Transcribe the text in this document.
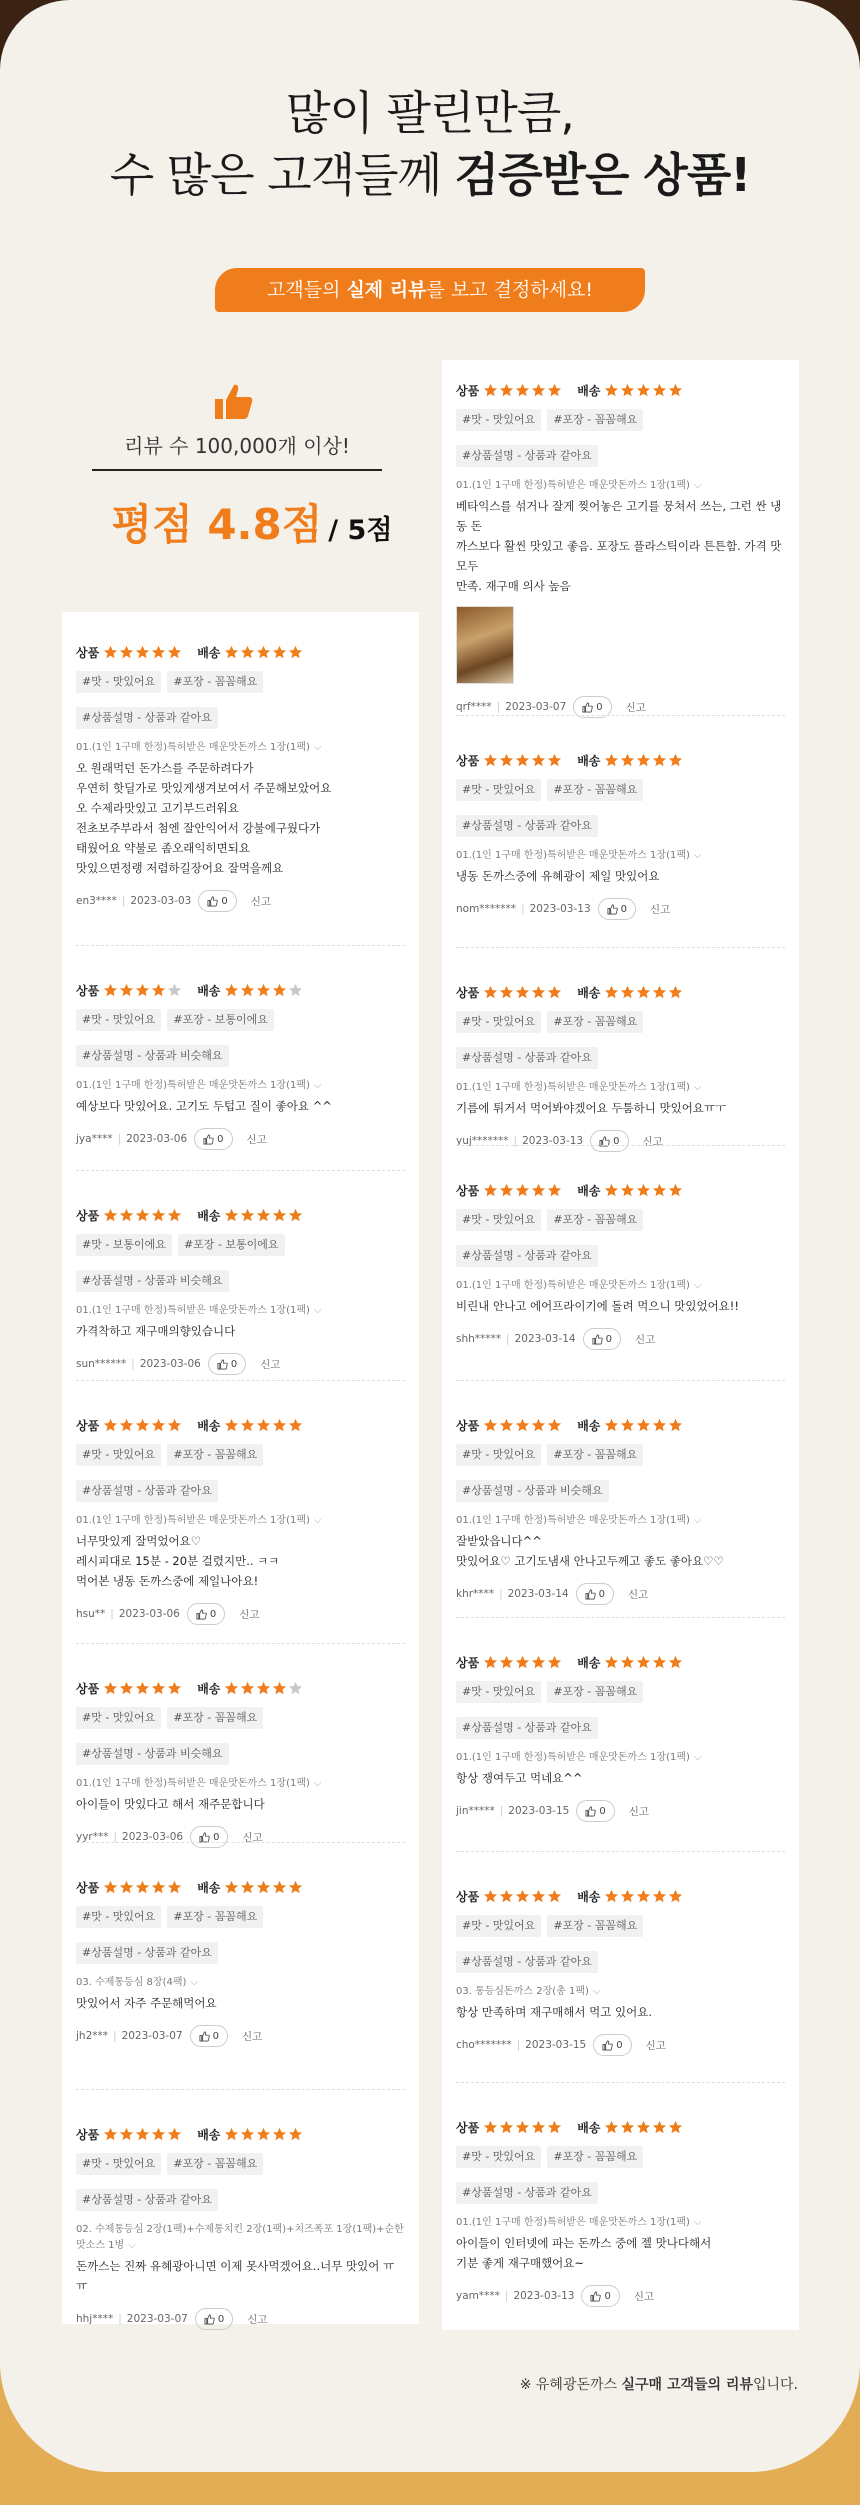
많이 팔린만큼,
수 많은 고객들께 검증받은 상품!
고객들의 실제 리뷰를 보고 결정하세요!
리뷰 수 100,000개 이상!
평점 4.8점 / 5점
상품	배송
#맛 - 맛있어요	#포장 - 꼼꼼해요
#상품설명 - 상품과 같아요
01.(1인 1구매 한정)특허받은 매운맛돈까스 1장(1팩) ⌵
오 원래먹던 돈가스를 주문하려다가
우연히 핫딜가로 맛있게생겨보여서 주문해보았어요
오 수제라맛있고 고기부드러워요
전초보주부라서 첨엔 잘안익어서 강불에구웠다가
태웠어요 약불로 좀오래익히면되요
맛있으면정랭 저렴하길장어요 잘먹을께요
en3**** | 2023-03-03	0 신고
상품	배송
#맛 - 맛있어요	#포장 - 보통이에요
#상품설명 - 상품과 비슷해요
01.(1인 1구매 한정)특허받은 매운맛돈까스 1장(1팩) ⌵
예상보다 맛있어요. 고기도 두텁고 질이 좋아요 ^^
jya**** | 2023-03-06	0 신고
상품	배송
#맛 - 보통이에요	#포장 - 보통이에요
#상품설명 - 상품과 비슷해요
01.(1인 1구매 한정)특허받은 매운맛돈까스 1장(1팩) ⌵
가격착하고 재구매의향있습니다
sun****** | 2023-03-06	0 신고
상품	배송
#맛 - 맛있어요	#포장 - 꼼꼼해요
#상품설명 - 상품과 같아요
01.(1인 1구매 한정)특허받은 매운맛돈까스 1장(1팩) ⌵
너무맛있게 잘먹었어요♡
레시피대로 15분 - 20분 걸렸지만.. ㅋㅋ
먹어본 냉동 돈까스중에 제일나아요!
hsu** | 2023-03-06	0 신고
상품	배송
#맛 - 맛있어요	#포장 - 꼼꼼해요
#상품설명 - 상품과 비슷해요
01.(1인 1구매 한정)특허받은 매운맛돈까스 1장(1팩) ⌵
아이들이 맛있다고 해서 재주문합니다
yyr*** | 2023-03-06	0 신고
상품	배송
#맛 - 맛있어요	#포장 - 꼼꼼해요
#상품설명 - 상품과 같아요
03. 수제통등심 8장(4팩) ⌵
맛있어서 자주 주문해먹어요
jh2*** | 2023-03-07	0 신고
상품	배송
#맛 - 맛있어요	#포장 - 꼼꼼해요
#상품설명 - 상품과 같아요
02. 수제통등심 2장(1팩)+수제통치킨 2장(1팩)+치즈폭포 1장(1팩)+순한맛소스 1병 ⌵
돈까스는 진짜 유혜광아니면 이제 못사먹겠어요..너무 맛있어 ㅠㅠ
hhj**** | 2023-03-07	0 신고
상품	배송
#맛 - 맛있어요	#포장 - 꼼꼼해요
#상품설명 - 상품과 같아요
01.(1인 1구매 한정)특허받은 매운맛돈까스 1장(1팩) ⌵
베타익스를 섞거나 잘게 찢어놓은 고기를 뭉쳐서 쓰는, 그런 싼 냉동 돈
까스보다 활씬 맛있고 좋음. 포장도 플라스틱이라 튼튼함. 가격 맛 모두
만족. 재구매 의사 높음
qrf**** | 2023-03-07	0 신고
상품	배송
#맛 - 맛있어요	#포장 - 꼼꼼해요
#상품설명 - 상품과 같아요
01.(1인 1구매 한정)특허받은 매운맛돈까스 1장(1팩) ⌵
냉동 돈까스중에 유혜광이 제일 맛있어요
nom******* | 2023-03-13	0 신고
상품	배송
#맛 - 맛있어요	#포장 - 꼼꼼해요
#상품설명 - 상품과 같아요
01.(1인 1구매 한정)특허받은 매운맛돈까스 1장(1팩) ⌵
기름에 튀거서 먹어봐야겠어요 두툼하니 맛있어요ㅠㅜ
yuj******* | 2023-03-13	0 신고
상품	배송
#맛 - 맛있어요	#포장 - 꼼꼼해요
#상품설명 - 상품과 같아요
01.(1인 1구매 한정)특허받은 매운맛돈까스 1장(1팩) ⌵
비린내 안나고 에어프라이기에 돌려 먹으니 맛있었어요!!
shh***** | 2023-03-14	0 신고
상품	배송
#맛 - 맛있어요	#포장 - 꼼꼼해요
#상품설명 - 상품과 비슷해요
01.(1인 1구매 한정)특허받은 매운맛돈까스 1장(1팩) ⌵
잘받았읍니다^^
맛있어요♡ 고기도냄새 안나고두께고 좋도 좋아요♡♡
khr**** | 2023-03-14	0 신고
상품	배송
#맛 - 맛있어요	#포장 - 꼼꼼해요
#상품설명 - 상품과 같아요
01.(1인 1구매 한정)특허받은 매운맛돈까스 1장(1팩) ⌵
항상 쟁여두고 먹네요^^
jin***** | 2023-03-15	0 신고
상품	배송
#맛 - 맛있어요	#포장 - 꼼꼼해요
#상품설명 - 상품과 같아요
03. 통등심돈까스 2장(총 1팩) ⌵
항상 만족하며 재구매해서 먹고 있어요.
cho******* | 2023-03-15	0 신고
상품	배송
#맛 - 맛있어요	#포장 - 꼼꼼해요
#상품설명 - 상품과 같아요
01.(1인 1구매 한정)특허받은 매운맛돈까스 1장(1팩) ⌵
아이들이 인터넷에 파는 돈까스 중에 젤 맛나다해서
기분 좋게 재구매했어요~
yam**** | 2023-03-13	0 신고
※ 유혜광돈까스 실구매 고객들의 리뷰입니다.
